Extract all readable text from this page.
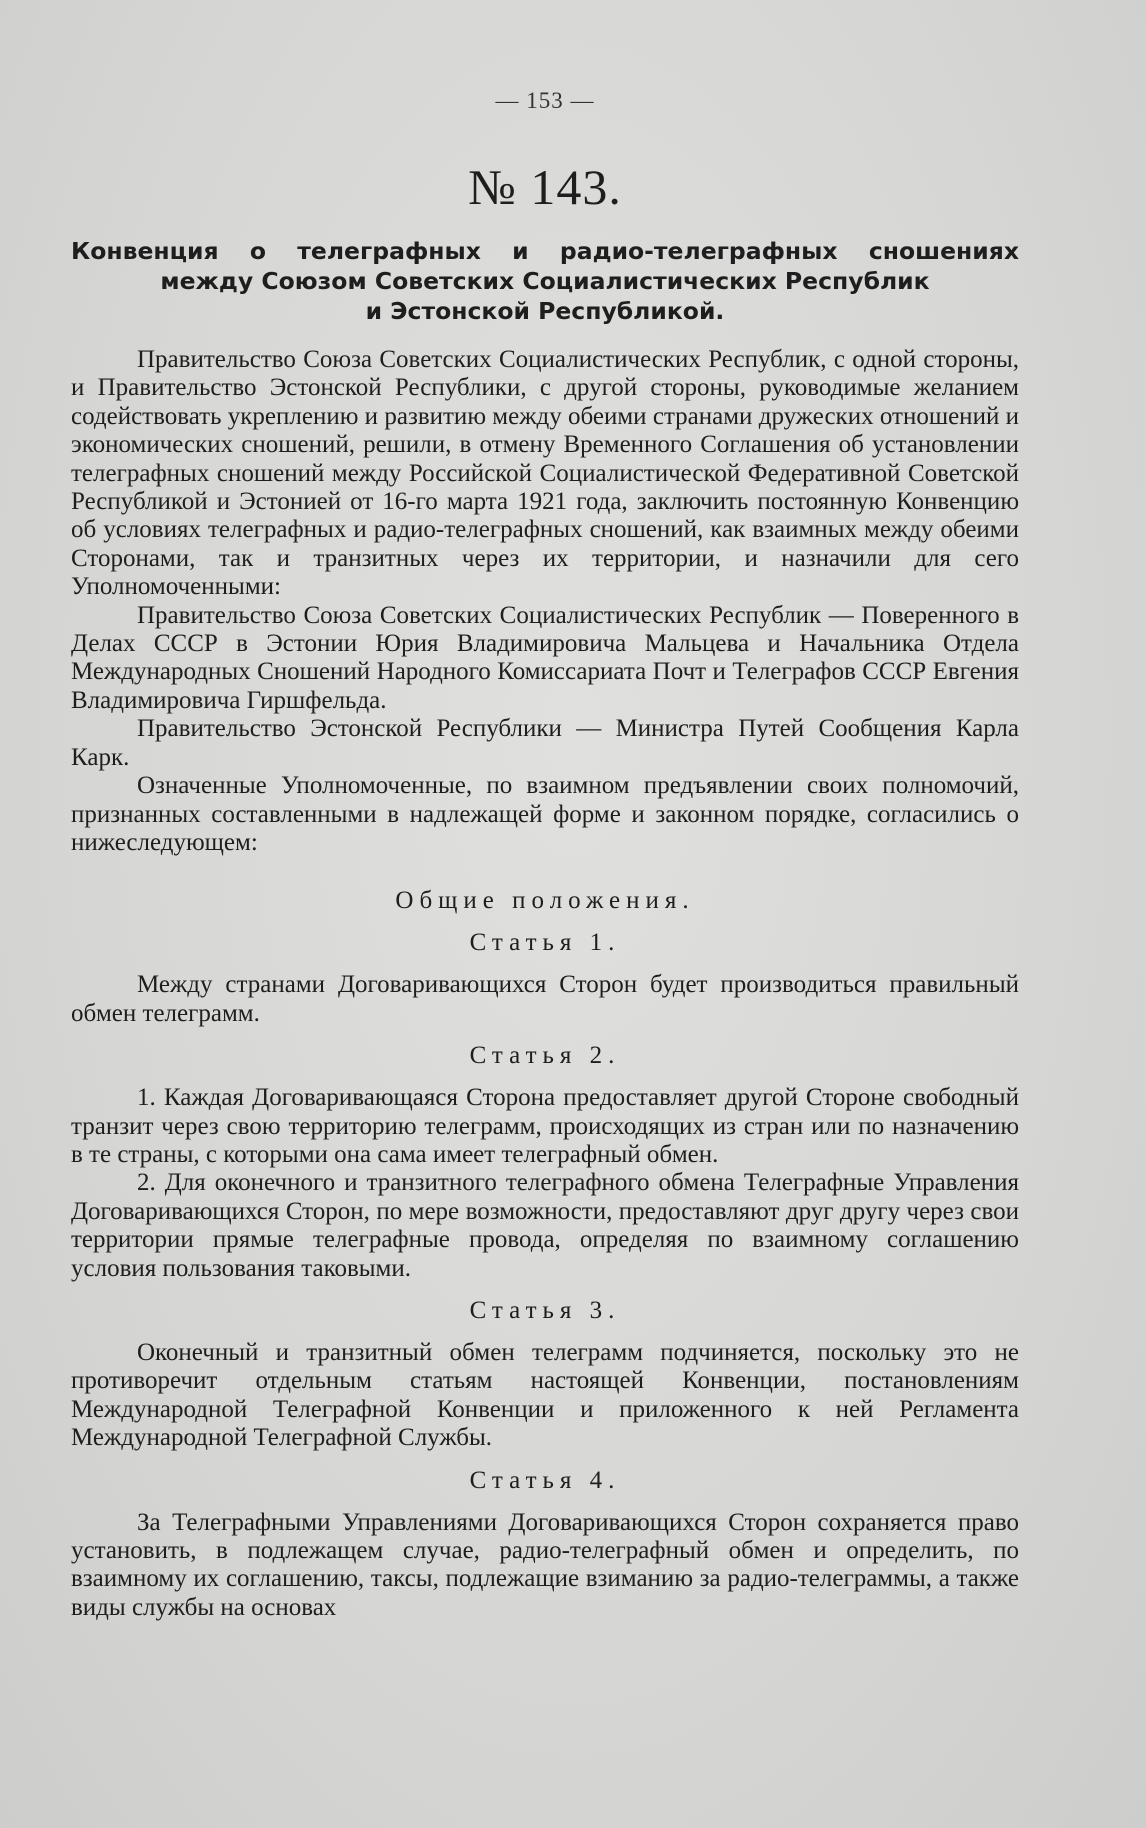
— 153 —
№ 143.
Конвенция о телеграфных и радио-телеграфных сношениях
между Союзом Советских Социалистических Республик
и Эстонской Республикой.

Правительство Союза Советских Социалистических Республик, с одной стороны, и Правительство Эстонской Республики, с другой стороны, руководимые желанием содействовать укреплению и развитию между обеими странами дружеских отношений и экономических сношений, решили, в отмену Временного Соглашения об установлении телеграфных сношений между Российской Социалистической Федеративной Советской Республикой и Эстонией от 16-го марта 1921 года, заключить постоянную Конвенцию об условиях телеграфных и радио-телеграфных сношений, как взаимных между обеими Сторонами, так и транзитных через их территории, и назначили для сего Уполномоченными:

Правительство Союза Советских Социалистических Республик — Поверенного в Делах СССР в Эстонии Юрия Владимировича Мальцева и Начальника Отдела Международных Сношений Народного Комиссариата Почт и Телеграфов СССР Евгения Владимировича Гиршфельда.

Правительство Эстонской Республики — Министра Путей Сообщения Карла Карк.

Означенные Уполномоченные, по взаимном предъявлении своих полномочий, признанных составленными в надлежащей форме и законном порядке, согласились о нижеследующем:

Общие положения.
Статья 1.

Между странами Договаривающихся Сторон будет производиться правильный обмен телеграмм.

Статья 2.

1. Каждая Договаривающаяся Сторона предоставляет другой Стороне свободный транзит через свою территорию телеграмм, происходящих из стран или по назначению в те страны, с которыми она сама имеет телеграфный обмен.

2. Для оконечного и транзитного телеграфного обмена Телеграфные Управления Договаривающихся Сторон, по мере возможности, предоставляют друг другу через свои территории прямые телеграфные провода, определяя по взаимному соглашению условия пользования таковыми.

Статья 3.

Оконечный и транзитный обмен телеграмм подчиняется, поскольку это не противоречит отдельным статьям настоящей Конвенции, постановлениям Международной Телеграфной Конвенции и приложенного к ней Регламента Международной Телеграфной Службы.

Статья 4.

За Телеграфными Управлениями Договаривающихся Сторон сохраняется право установить, в подлежащем случае, радио-телеграфный обмен и определить, по взаимному их соглашению, таксы, подлежащие взиманию за радио-телеграммы, а также виды службы на основах
